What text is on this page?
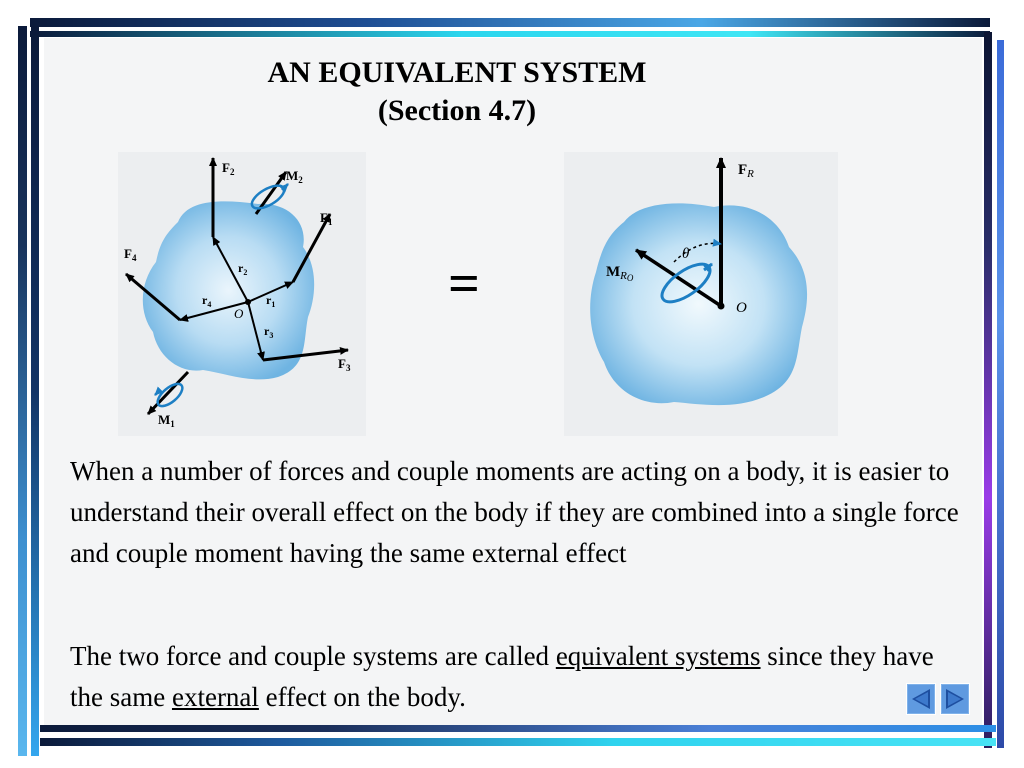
AN EQUIVALENT SYSTEM
(Section 4.7)
$F_2$	$M_2$
$F_1$
$F_4$
$r_2$
$r_4$	$r_1$
$r_3$
$F_3$
$M_1$
O	=
$F_R$
$M_RO$
θ
O
When a number of forces and couple moments are acting on a body, it is easier to understand their overall effect on the body if they are combined into a single force and couple moment having the same external effect
The two force and couple systems are called equivalent systems since they have the same external effect on the body.
